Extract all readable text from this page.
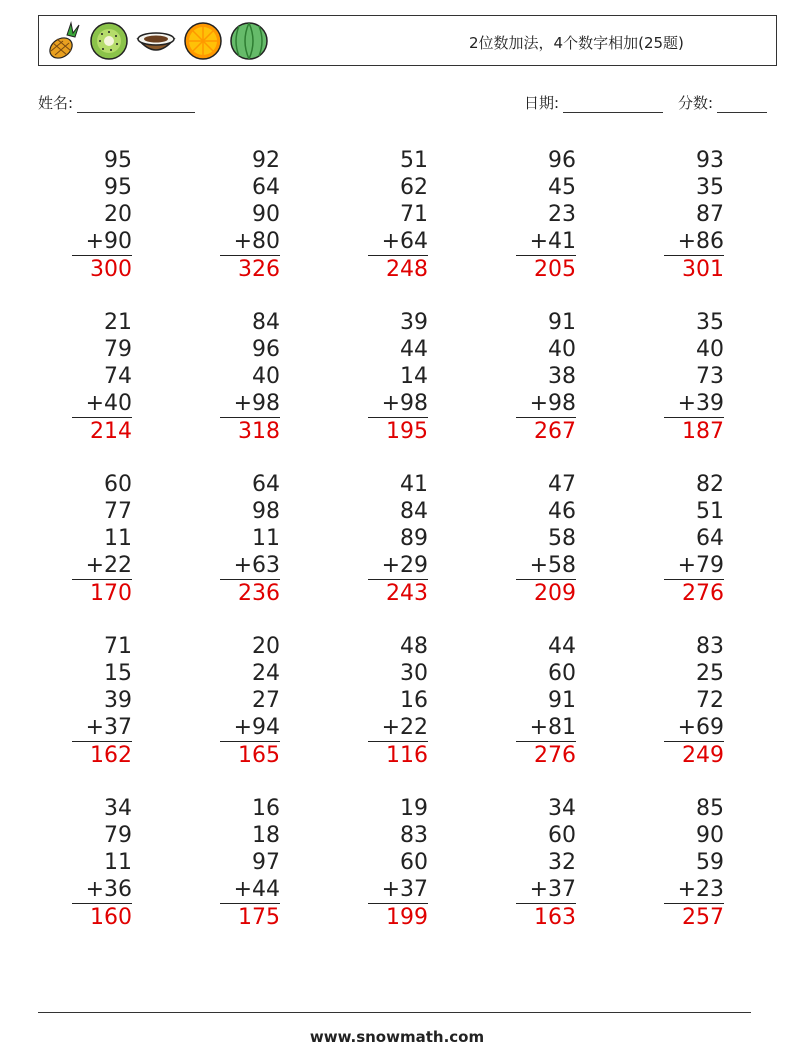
2位数加法，4个数字相加(25题)
姓名:	日期:	分数:
95
95
20
+90
300
92
64
90
+80
326
51
62
71
+64
248
96
45
23
+41
205
93
35
87
+86
301
21
79
74
+40
214
84
96
40
+98
318
39
44
14
+98
195
91
40
38
+98
267
35
40
73
+39
187
60
77
11
+22
170
64
98
11
+63
236
41
84
89
+29
243
47
46
58
+58
209
82
51
64
+79
276
71
15
39
+37
162
20
24
27
+94
165
48
30
16
+22
116
44
60
91
+81
276
83
25
72
+69
249
34
79
11
+36
160
16
18
97
+44
175
19
83
60
+37
199
34
60
32
+37
163
85
90
59
+23
257
www.snowmath.com
